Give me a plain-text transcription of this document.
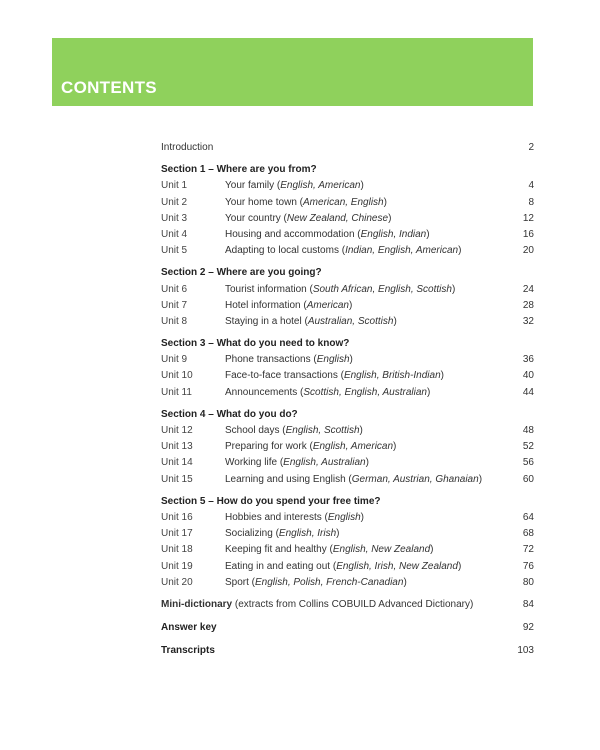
CONTENTS
Introduction	2
Section 1 – Where are you from?
Unit 1	Your family (English, American)	4
Unit 2	Your home town (American, English)	8
Unit 3	Your country (New Zealand, Chinese)	12
Unit 4	Housing and accommodation (English, Indian)	16
Unit 5	Adapting to local customs (Indian, English, American)	20
Section 2 – Where are you going?
Unit 6	Tourist information (South African, English, Scottish)	24
Unit 7	Hotel information (American)	28
Unit 8	Staying in a hotel (Australian, Scottish)	32
Section 3 – What do you need to know?
Unit 9	Phone transactions (English)	36
Unit 10	Face-to-face transactions (English, British-Indian)	40
Unit 11	Announcements (Scottish, English, Australian)	44
Section 4 – What do you do?
Unit 12	School days (English, Scottish)	48
Unit 13	Preparing for work (English, American)	52
Unit 14	Working life (English, Australian)	56
Unit 15	Learning and using English (German, Austrian, Ghanaian)	60
Section 5 – How do you spend your free time?
Unit 16	Hobbies and interests (English)	64
Unit 17	Socializing (English, Irish)	68
Unit 18	Keeping fit and healthy (English, New Zealand)	72
Unit 19	Eating in and eating out (English, Irish, New Zealand)	76
Unit 20	Sport (English, Polish, French-Canadian)	80
Mini-dictionary (extracts from Collins COBUILD Advanced Dictionary)	84
Answer key	92
Transcripts	103
